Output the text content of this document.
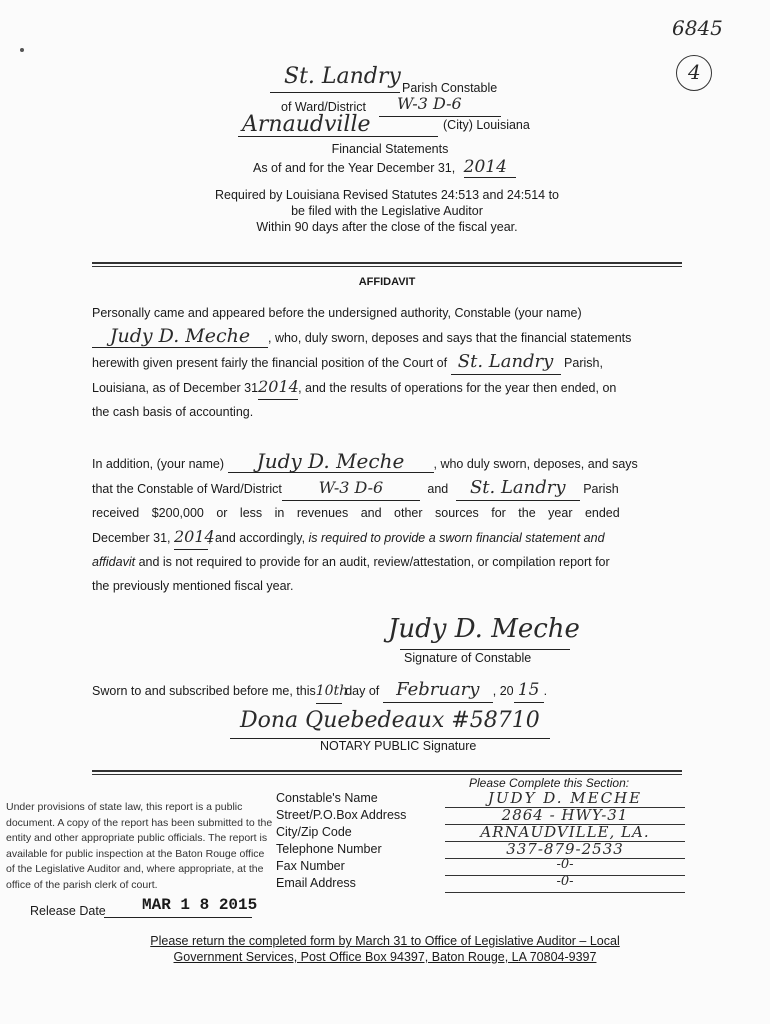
6845
4
St. Landry Parish Constable
of Ward/District W-3 D-6
Arnaudville	(City) Louisiana
Financial Statements
As of and for the Year December 31, 2014
Required by Louisiana Revised Statutes 24:513 and 24:514 to
be filed with the Legislative Auditor
Within 90 days after the close of the fiscal year.
AFFIDAVIT
Personally came and appeared before the undersigned authority, Constable (your name)
Judy D. Meche , who, duly sworn, deposes and says that the financial statements
herewith given present fairly the financial position of the Court of St. Landry Parish,
Louisiana, as of December 312014, and the results of operations for the year then ended, on
the cash basis of accounting.
In addition, (your name) Judy D. Meche , who duly sworn, deposes, and says
that the Constable of Ward/District W-3 D-6	and St. Landry Parish
received $200,000 or less in revenues and other sources for the year ended
December 31, 2014, and accordingly, is required to provide a sworn financial statement and
affidavit and is not required to provide for an audit, review/attestation, or compilation report for
the previously mentioned fiscal year.
Judy D. Meche
Signature of Constable
Sworn to and subscribed before me, this10th day of February , 20 15 .
Dona Quebedeaux #58710
NOTARY PUBLIC Signature
Please Complete this Section:
Under provisions of state law, this report is a public document. A copy of the report has been submitted to the entity and other appropriate public officials. The report is available for public inspection at the Baton Rouge office of the Legislative Auditor and, where appropriate, at the office of the parish clerk of court.
Constable's Name
Street/P.O.Box Address
City/Zip Code
Telephone Number
Fax Number
Email Address
JUDY D. MECHE
2864 - HWY-31
ARNAUDVILLE, LA.
337-879-2533
-0-
-0-
Release Date MAR 1 8 2015
Please return the completed form by March 31 to Office of Legislative Auditor – Local
Government Services, Post Office Box 94397, Baton Rouge, LA 70804-9397
